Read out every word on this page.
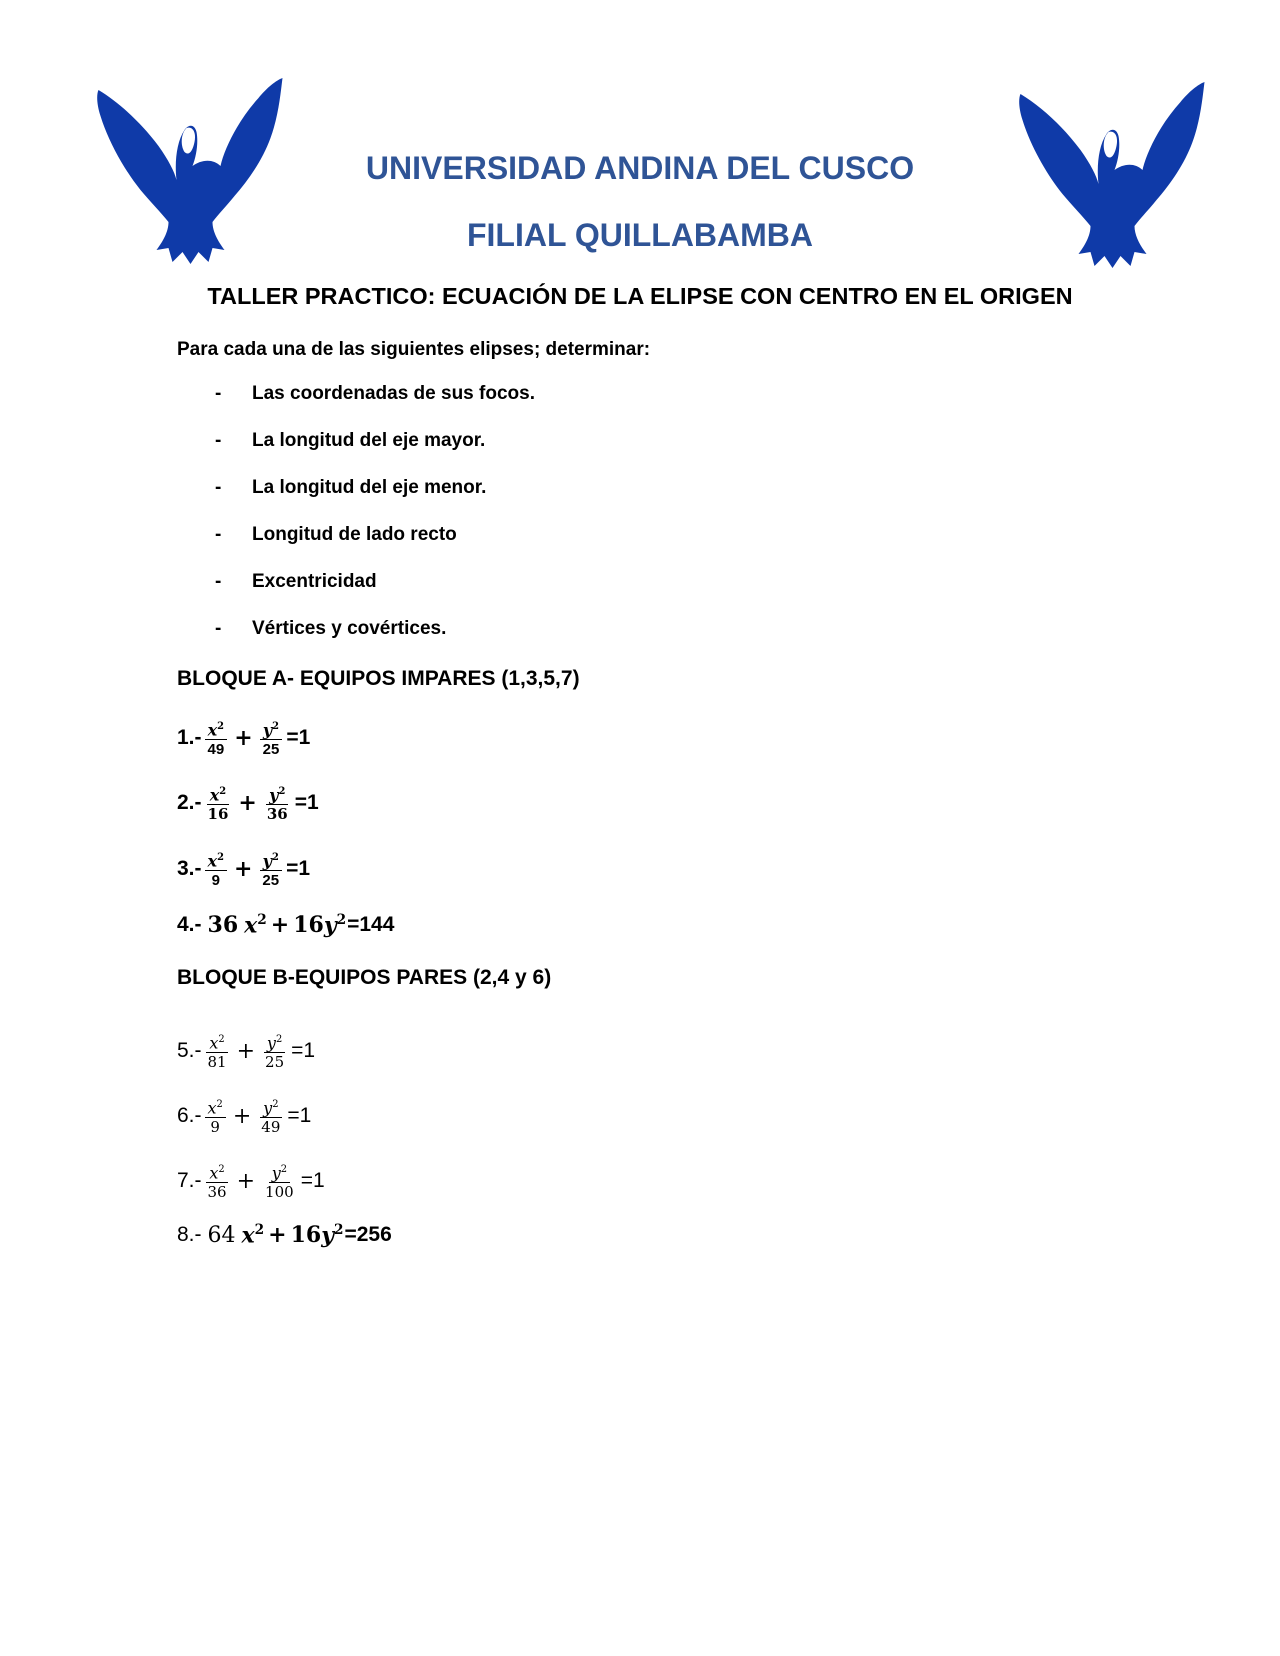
UNIVERSIDAD ANDINA DEL CUSCO
FILIAL QUILLABAMBA
TALLER PRACTICO: ECUACIÓN DE LA ELIPSE CON CENTRO EN EL ORIGEN
Para cada una de las siguientes elipses; determinar:
- Las coordenadas de sus focos.
- La longitud del eje mayor.
- La longitud del eje menor.
- Longitud de lado recto
- Excentricidad
- Vértices y covértices.
BLOQUE A- EQUIPOS IMPARES (1,3,5,7)
$1.- \frac{x^2}{49} + \frac{y^2}{25} =1$
$2.- \frac{x^2}{16} + \frac{y^2}{36} =1$
$3.- \frac{x^2}{9} + \frac{y^2}{25} =1$
4.- 36 $x^2 + 16$ $y^2 =144$
BLOQUE B-EQUIPOS PARES (2,4 y 6)
$5.- \frac{x^2}{81} + \frac{y^2}{25} =1$
$6.- \frac{x^2}{9} + \frac{y^2}{49} =1$
$7.- \frac{x^2}{36} + \frac{y^2}{100} =1$
8.- 64 $x^2 + 16$ $y^2 =256$
